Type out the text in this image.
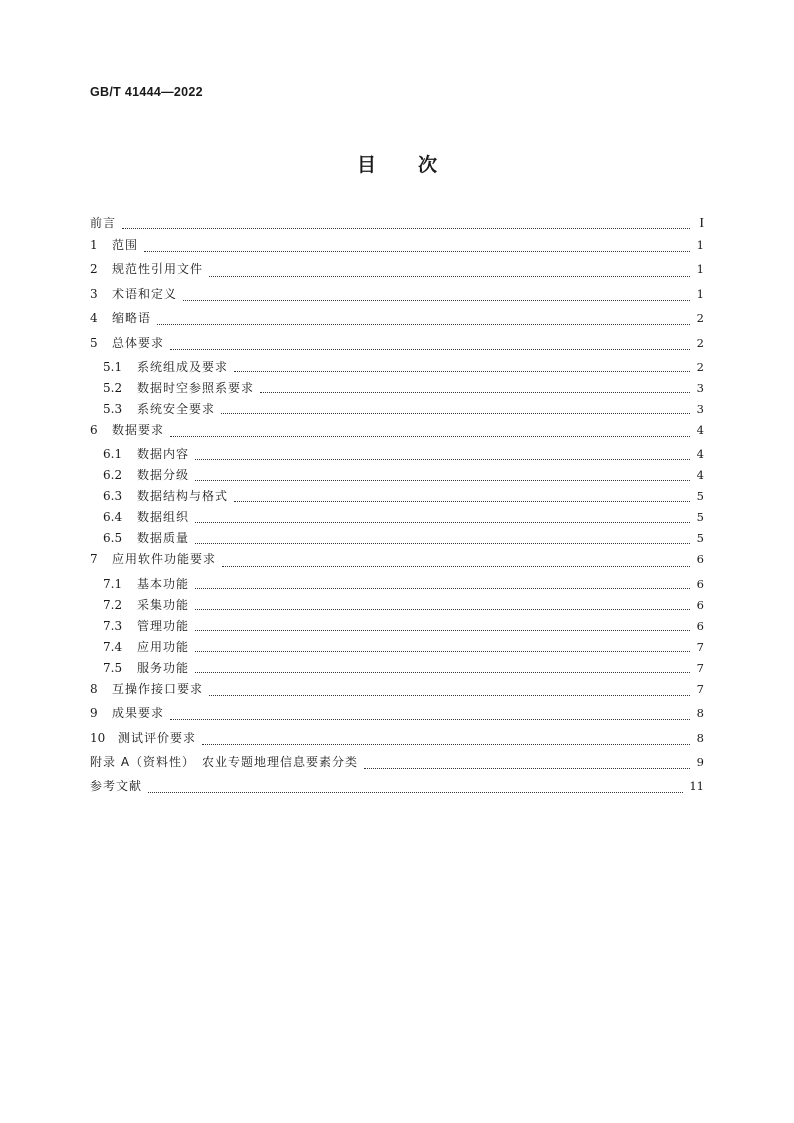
GB/T 41444—2022
目 次
前言	I
1	范围	1
2	规范性引用文件	1
3	术语和定义	1
4	缩略语	2
5	总体要求	2
5.1	系统组成及要求	2
5.2	数据时空参照系要求	3
5.3	系统安全要求	3
6	数据要求	4
6.1	数据内容	4
6.2	数据分级	4
6.3	数据结构与格式	5
6.4	数据组织	5
6.5	数据质量	5
7	应用软件功能要求	6
7.1	基本功能	6
7.2	采集功能	6
7.3	管理功能	6
7.4	应用功能	7
7.5	服务功能	7
8	互操作接口要求	7
9	成果要求	8
10	测试评价要求	8
附录 A（资料性）　农业专题地理信息要素分类	9
参考文献	11
